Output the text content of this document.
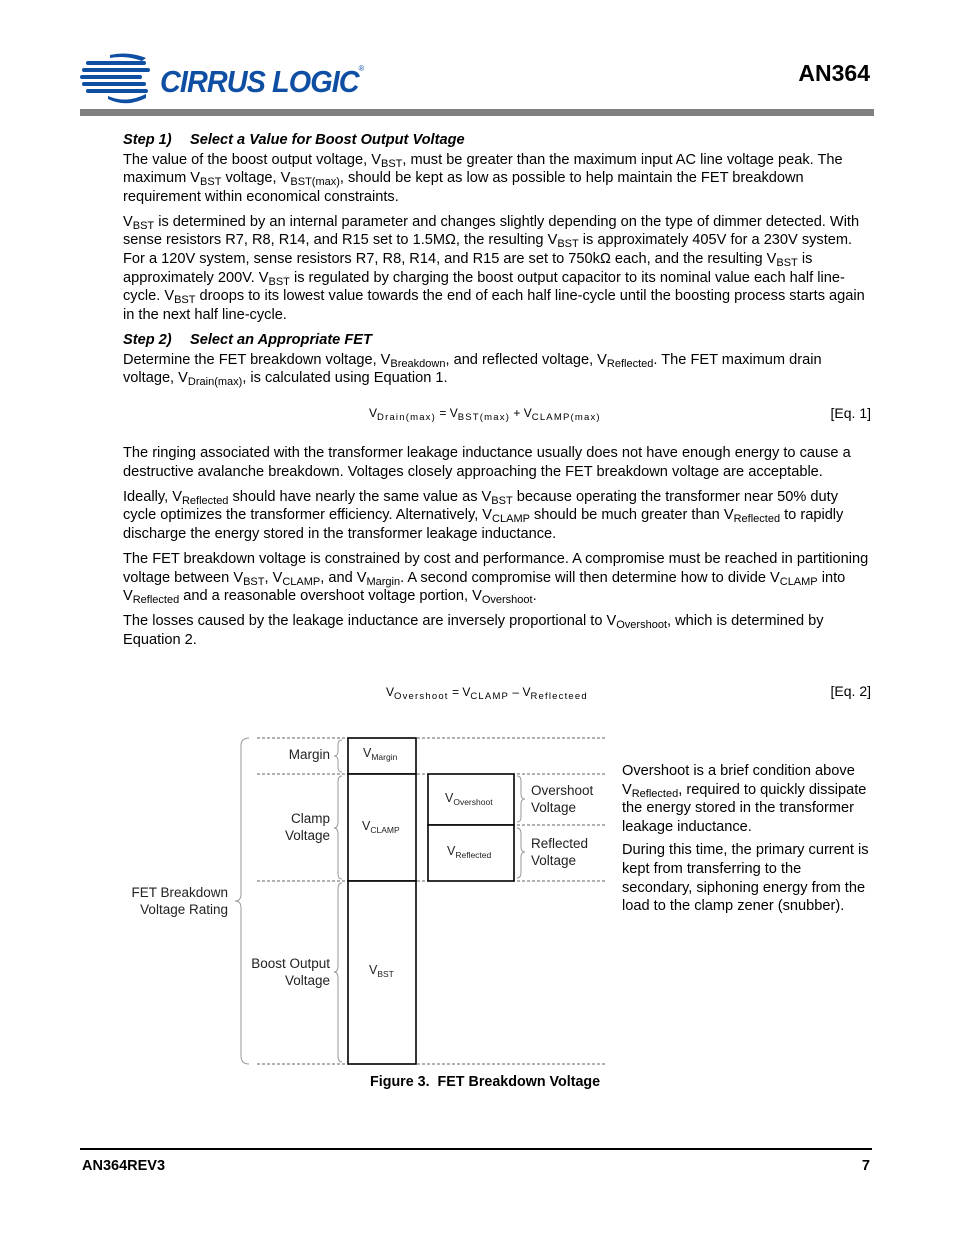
CIRRUS LOGIC®	AN364

Step 1) Select a Value for Boost Output Voltage

The value of the boost output voltage, $V_{BST}$, must be greater than the maximum input AC line voltage peak. The maximum $V_{BST}$ voltage, $V_{BST(max)}$, should be kept as low as possible to help maintain the FET breakdown requirement within economical constraints.

$V_{BST}$ is determined by an internal parameter and changes slightly depending on the type of dimmer detected. With sense resistors R7, R8, R14, and R15 set to 1.5MΩ, the resulting $V_{BST}$ is approximately 405V for a 230V system. For a 120V system, sense resistors R7, R8, R14, and R15 are set to 750kΩ each, and the resulting $V_{BST}$ is approximately 200V. $V_{BST}$ is regulated by charging the boost output capacitor to its nominal value each half line-cycle. $V_{BST}$ droops to its lowest value towards the end of each half line-cycle until the boosting process starts again in the next half line-cycle.

Step 2) Select an Appropriate FET

Determine the FET breakdown voltage, $V_{Breakdown}$, and reflected voltage, $V_{Reflected}$. The FET maximum drain voltage, $V_{Drain(max)}$, is calculated using Equation 1.

$V_{Drain(max)} = V_{BST(max)} + V_{CLAMP(max)}$	[Eq. 1]

The ringing associated with the transformer leakage inductance usually does not have enough energy to cause a destructive avalanche breakdown. Voltages closely approaching the FET breakdown voltage are acceptable.

Ideally, $V_{Reflected}$ should have nearly the same value as $V_{BST}$ because operating the transformer near 50% duty cycle optimizes the transformer efficiency. Alternatively, $V_{CLAMP}$ should be much greater than $V_{Reflected}$ to rapidly discharge the energy stored in the transformer leakage inductance.

The FET breakdown voltage is constrained by cost and performance. A compromise must be reached in partitioning voltage between $V_{BST}$, $V_{CLAMP}$, and $V_{Margin}$. A second compromise will then determine how to divide $V_{CLAMP}$ into $V_{Reflected}$ and a reasonable overshoot voltage portion, $V_{Overshoot}$.

The losses caused by the leakage inductance are inversely proportional to $V_{Overshoot}$, which is determined by Equation 2.

$V_{Overshoot} = V_{CLAMP} - V_{Reflecteed}$	[Eq. 2]
Margin
Clamp
Voltage
FET Breakdown
Voltage Rating
Boost Output
Voltage
Overshoot
Voltage
Reflected
Voltage
$V_{Margin}$
$V_{CLAMP}$
$V_{BST}$
$V_{Overshoot}$
$V_{Reflected}$

Overshoot is a brief condition above $V_{Reflected}$, required to quickly dissipate the energy stored in the transformer leakage inductance.

During this time, the primary current is kept from transferring to the secondary, siphoning energy from the load to the clamp zener (snubber).

Figure 3.  FET Breakdown Voltage
AN364REV3	7
